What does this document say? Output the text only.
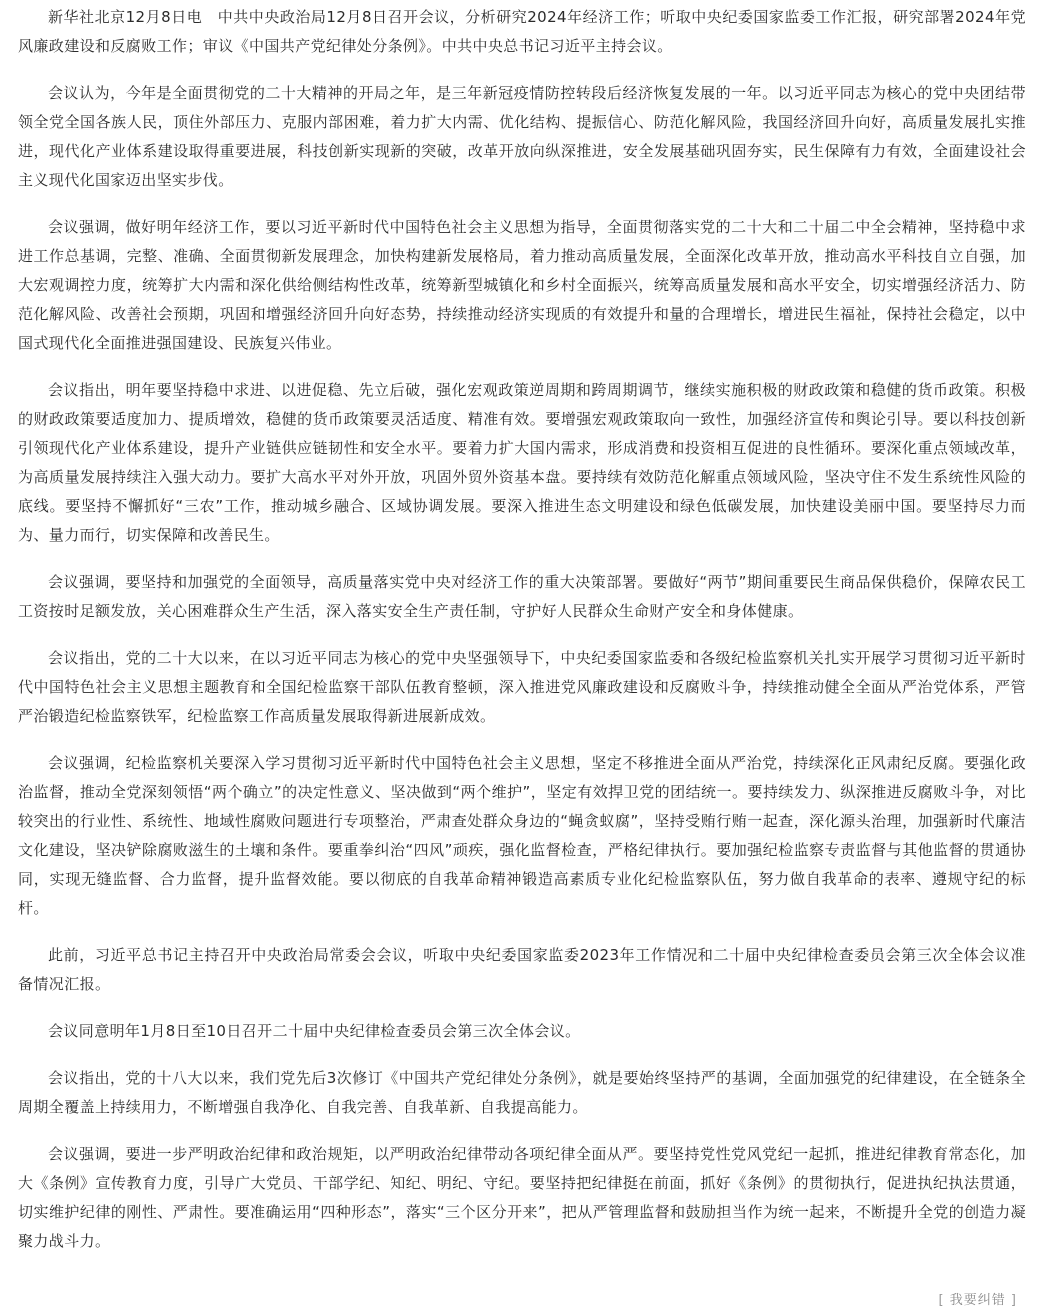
新华社北京12月8日电　中共中央政治局12月8日召开会议，分析研究2024年经济工作；听取中央纪委国家监委工作汇报，研究部署2024年党风廉政建设和反腐败工作；审议《中国共产党纪律处分条例》。中共中央总书记习近平主持会议。

会议认为，今年是全面贯彻党的二十大精神的开局之年，是三年新冠疫情防控转段后经济恢复发展的一年。以习近平同志为核心的党中央团结带领全党全国各族人民，顶住外部压力、克服内部困难，着力扩大内需、优化结构、提振信心、防范化解风险，我国经济回升向好，高质量发展扎实推进，现代化产业体系建设取得重要进展，科技创新实现新的突破，改革开放向纵深推进，安全发展基础巩固夯实，民生保障有力有效，全面建设社会主义现代化国家迈出坚实步伐。

会议强调，做好明年经济工作，要以习近平新时代中国特色社会主义思想为指导，全面贯彻落实党的二十大和二十届二中全会精神，坚持稳中求进工作总基调，完整、准确、全面贯彻新发展理念，加快构建新发展格局，着力推动高质量发展，全面深化改革开放，推动高水平科技自立自强，加大宏观调控力度，统筹扩大内需和深化供给侧结构性改革，统筹新型城镇化和乡村全面振兴，统筹高质量发展和高水平安全，切实增强经济活力、防范化解风险、改善社会预期，巩固和增强经济回升向好态势，持续推动经济实现质的有效提升和量的合理增长，增进民生福祉，保持社会稳定，以中国式现代化全面推进强国建设、民族复兴伟业。

会议指出，明年要坚持稳中求进、以进促稳、先立后破，强化宏观政策逆周期和跨周期调节，继续实施积极的财政政策和稳健的货币政策。积极的财政政策要适度加力、提质增效，稳健的货币政策要灵活适度、精准有效。要增强宏观政策取向一致性，加强经济宣传和舆论引导。要以科技创新引领现代化产业体系建设，提升产业链供应链韧性和安全水平。要着力扩大国内需求，形成消费和投资相互促进的良性循环。要深化重点领域改革，为高质量发展持续注入强大动力。要扩大高水平对外开放，巩固外贸外资基本盘。要持续有效防范化解重点领域风险，坚决守住不发生系统性风险的底线。要坚持不懈抓好“三农”工作，推动城乡融合、区域协调发展。要深入推进生态文明建设和绿色低碳发展，加快建设美丽中国。要坚持尽力而为、量力而行，切实保障和改善民生。

会议强调，要坚持和加强党的全面领导，高质量落实党中央对经济工作的重大决策部署。要做好“两节”期间重要民生商品保供稳价，保障农民工工资按时足额发放，关心困难群众生产生活，深入落实安全生产责任制，守护好人民群众生命财产安全和身体健康。

会议指出，党的二十大以来，在以习近平同志为核心的党中央坚强领导下，中央纪委国家监委和各级纪检监察机关扎实开展学习贯彻习近平新时代中国特色社会主义思想主题教育和全国纪检监察干部队伍教育整顿，深入推进党风廉政建设和反腐败斗争，持续推动健全全面从严治党体系，严管严治锻造纪检监察铁军，纪检监察工作高质量发展取得新进展新成效。

会议强调，纪检监察机关要深入学习贯彻习近平新时代中国特色社会主义思想，坚定不移推进全面从严治党，持续深化正风肃纪反腐。要强化政治监督，推动全党深刻领悟“两个确立”的决定性意义、坚决做到“两个维护”，坚定有效捍卫党的团结统一。要持续发力、纵深推进反腐败斗争，对比较突出的行业性、系统性、地域性腐败问题进行专项整治，严肃查处群众身边的“蝇贪蚁腐”，坚持受贿行贿一起查，深化源头治理，加强新时代廉洁文化建设，坚决铲除腐败滋生的土壤和条件。要重拳纠治“四风”顽疾，强化监督检查，严格纪律执行。要加强纪检监察专责监督与其他监督的贯通协同，实现无缝监督、合力监督，提升监督效能。要以彻底的自我革命精神锻造高素质专业化纪检监察队伍，努力做自我革命的表率、遵规守纪的标杆。

此前，习近平总书记主持召开中央政治局常委会会议，听取中央纪委国家监委2023年工作情况和二十届中央纪律检查委员会第三次全体会议准备情况汇报。

会议同意明年1月8日至10日召开二十届中央纪律检查委员会第三次全体会议。

会议指出，党的十八大以来，我们党先后3次修订《中国共产党纪律处分条例》，就是要始终坚持严的基调，全面加强党的纪律建设，在全链条全周期全覆盖上持续用力，不断增强自我净化、自我完善、自我革新、自我提高能力。

会议强调，要进一步严明政治纪律和政治规矩，以严明政治纪律带动各项纪律全面从严。要坚持党性党风党纪一起抓，推进纪律教育常态化，加大《条例》宣传教育力度，引导广大党员、干部学纪、知纪、明纪、守纪。要坚持把纪律挺在前面，抓好《条例》的贯彻执行，促进执纪执法贯通，切实维护纪律的刚性、严肃性。要准确运用“四种形态”，落实“三个区分开来”，把从严管理监督和鼓励担当作为统一起来，不断提升全党的创造力凝聚力战斗力。

[ 我要纠错 ]
